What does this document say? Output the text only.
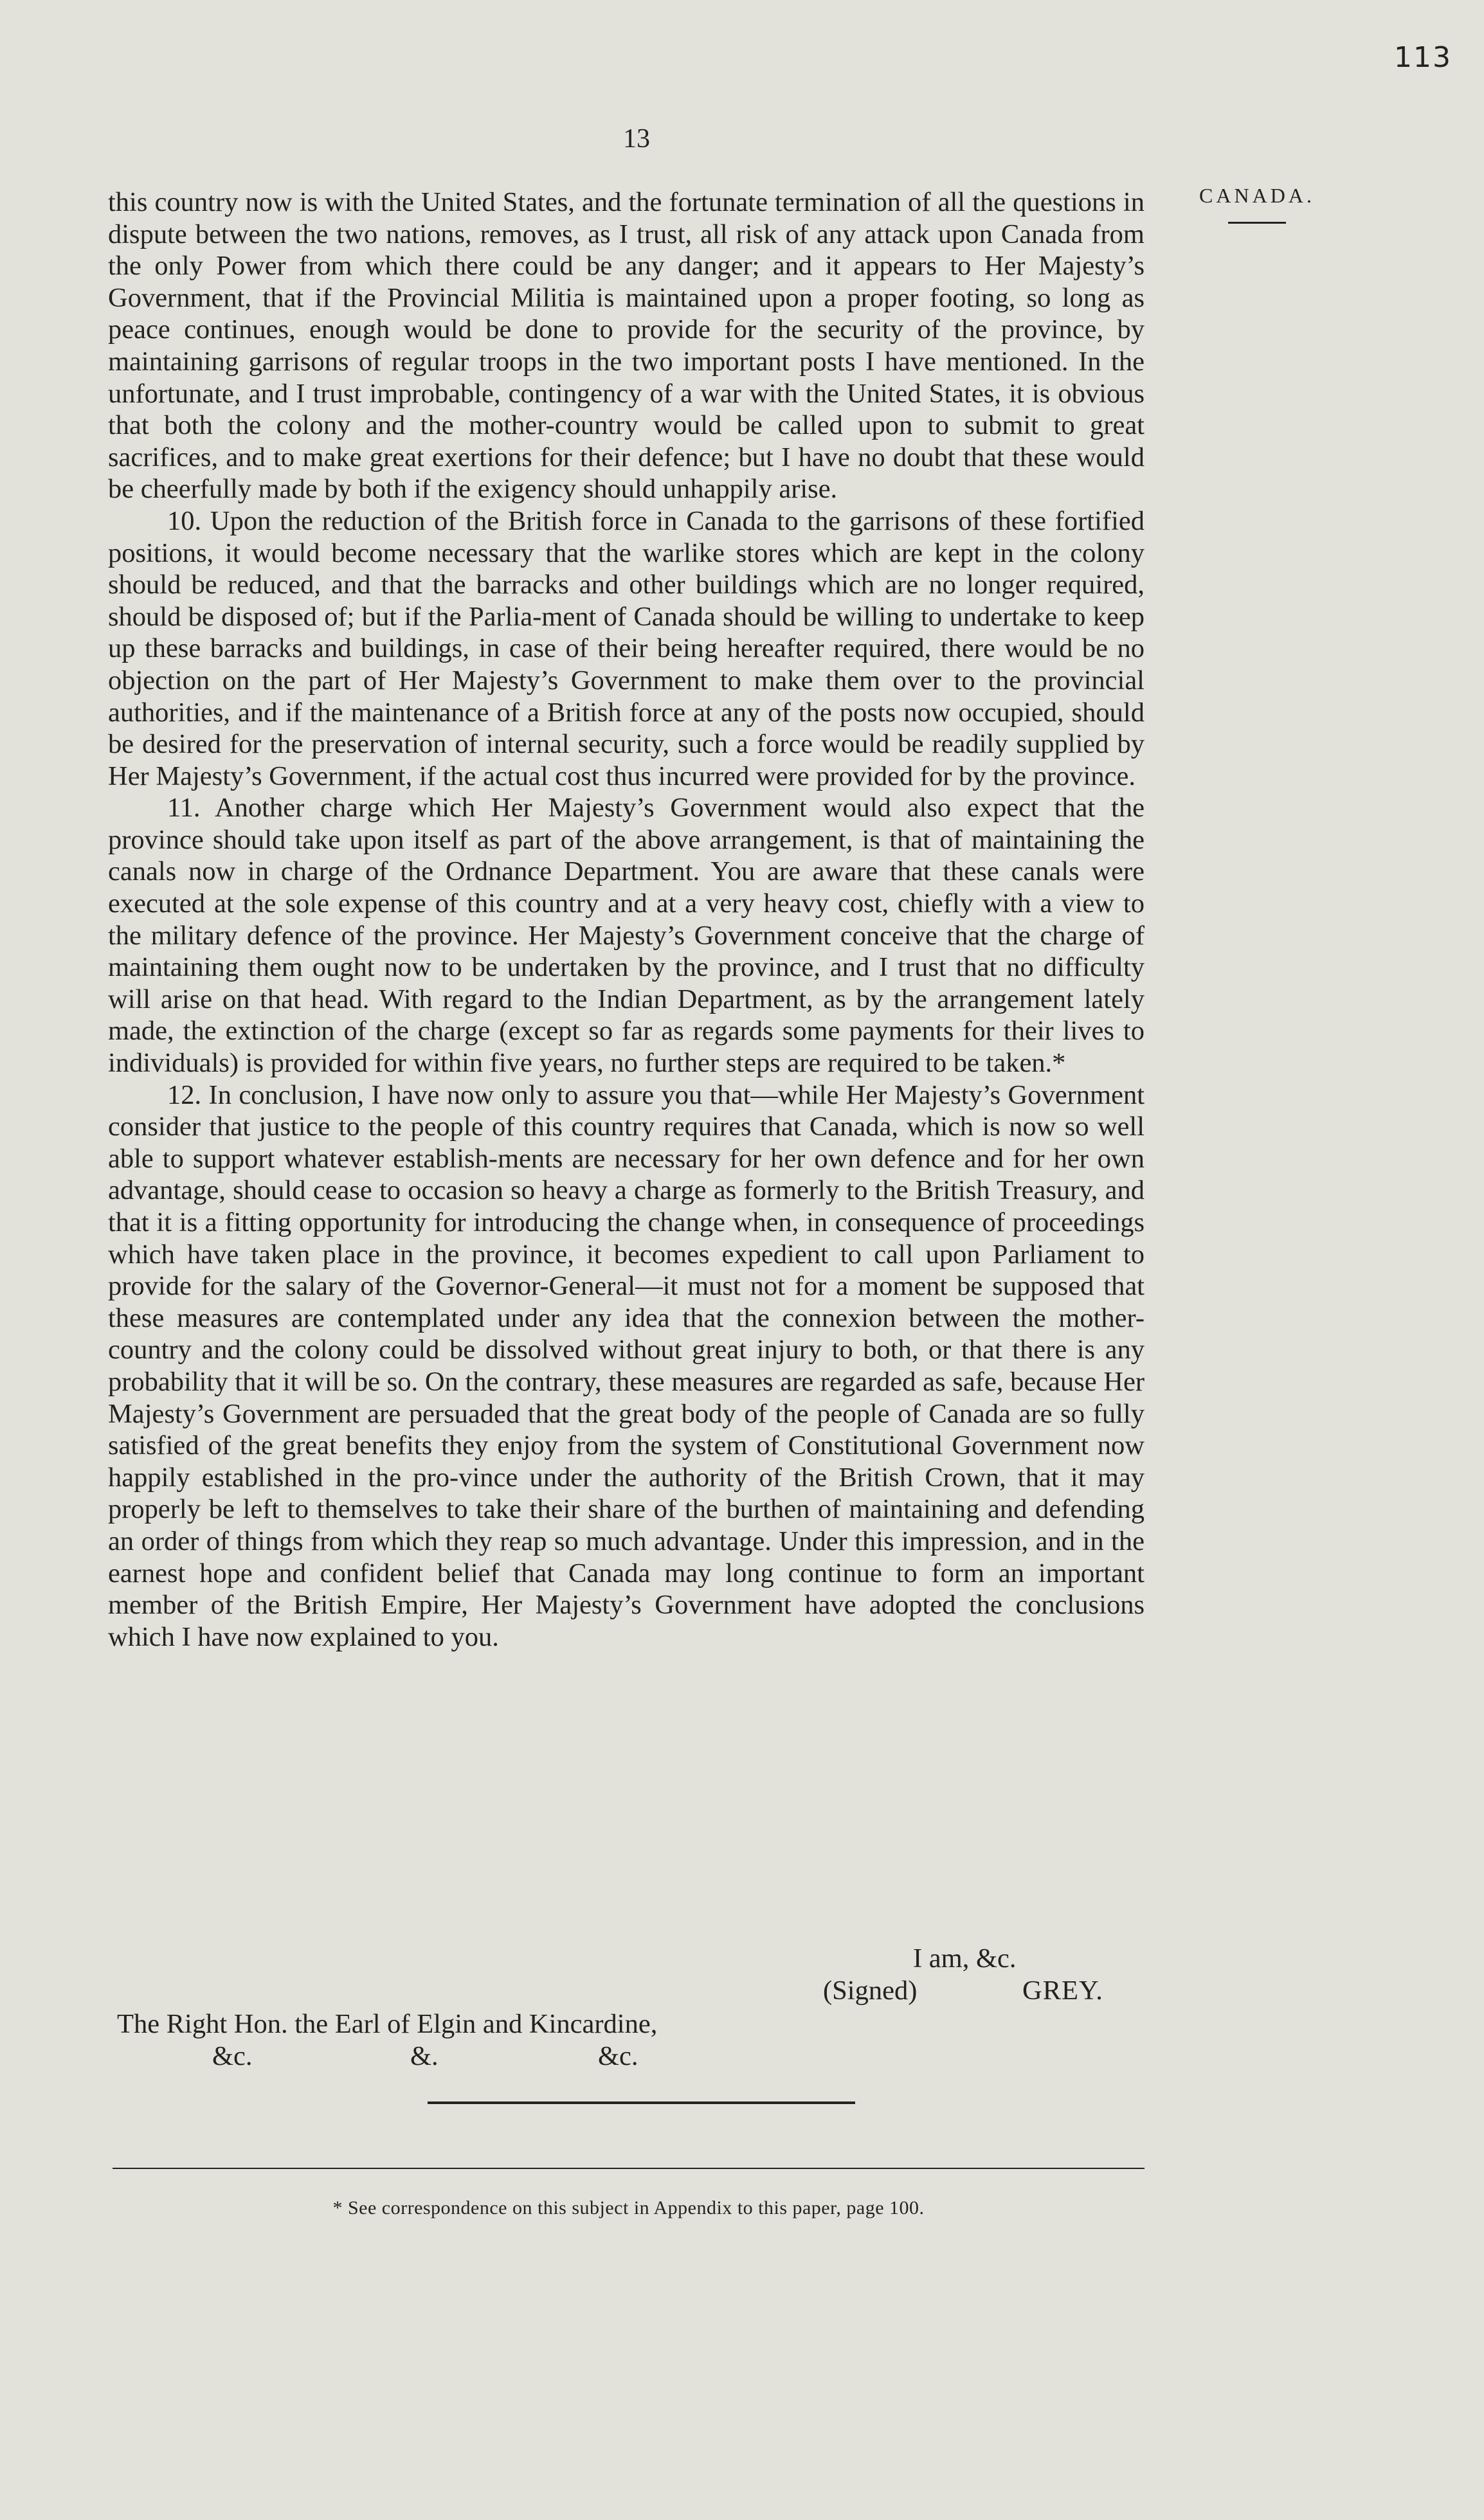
113
13
CANADA.

this country now is with the United States, and the fortunate termination of all the questions in dispute between the two nations, removes, as I trust, all risk of any attack upon Canada from the only Power from which there could be any danger; and it appears to Her Majesty’s Government, that if the Provincial Militia is maintained upon a proper footing, so long as peace continues, enough would be done to provide for the security of the province, by maintaining garrisons of regular troops in the two important posts I have mentioned. In the unfortunate, and I trust improbable, contingency of a war with the United States, it is obvious that both the colony and the mother-country would be called upon to submit to great sacrifices, and to make great exertions for their defence; but I have no doubt that these would be cheerfully made by both if the exigency should unhappily arise.

10. Upon the reduction of the British force in Canada to the garrisons of these fortified positions, it would become necessary that the warlike stores which are kept in the colony should be reduced, and that the barracks and other buildings which are no longer required, should be disposed of; but if the Parlia-ment of Canada should be willing to undertake to keep up these barracks and buildings, in case of their being hereafter required, there would be no objection on the part of Her Majesty’s Government to make them over to the provincial authorities, and if the maintenance of a British force at any of the posts now occupied, should be desired for the preservation of internal security, such a force would be readily supplied by Her Majesty’s Government, if the actual cost thus incurred were provided for by the province.

11. Another charge which Her Majesty’s Government would also expect that the province should take upon itself as part of the above arrangement, is that of maintaining the canals now in charge of the Ordnance Department. You are aware that these canals were executed at the sole expense of this country and at a very heavy cost, chiefly with a view to the military defence of the province. Her Majesty’s Government conceive that the charge of maintaining them ought now to be undertaken by the province, and I trust that no difficulty will arise on that head. With regard to the Indian Department, as by the arrangement lately made, the extinction of the charge (except so far as regards some payments for their lives to individuals) is provided for within five years, no further steps are required to be taken.*

12. In conclusion, I have now only to assure you that—while Her Majesty’s Government consider that justice to the people of this country requires that Canada, which is now so well able to support whatever establish-ments are necessary for her own defence and for her own advantage, should cease to occasion so heavy a charge as formerly to the British Treasury, and that it is a fitting opportunity for introducing the change when, in consequence of proceedings which have taken place in the province, it becomes expedient to call upon Parliament to provide for the salary of the Governor-General—it must not for a moment be supposed that these measures are contemplated under any idea that the connexion between the mother-country and the colony could be dissolved without great injury to both, or that there is any probability that it will be so. On the contrary, these measures are regarded as safe, because Her Majesty’s Government are persuaded that the great body of the people of Canada are so fully satisfied of the great benefits they enjoy from the system of Constitutional Government now happily established in the pro-vince under the authority of the British Crown, that it may properly be left to themselves to take their share of the burthen of maintaining and defending an order of things from which they reap so much advantage. Under this impression, and in the earnest hope and confident belief that Canada may long continue to form an important member of the British Empire, Her Majesty’s Government have adopted the conclusions which I have now explained to you.

I am, &c.
(Signed)	GREY.
The Right Hon. the Earl of Elgin and Kincardine,
&c.	&.	&c.
* See correspondence on this subject in Appendix to this paper, page 100.
